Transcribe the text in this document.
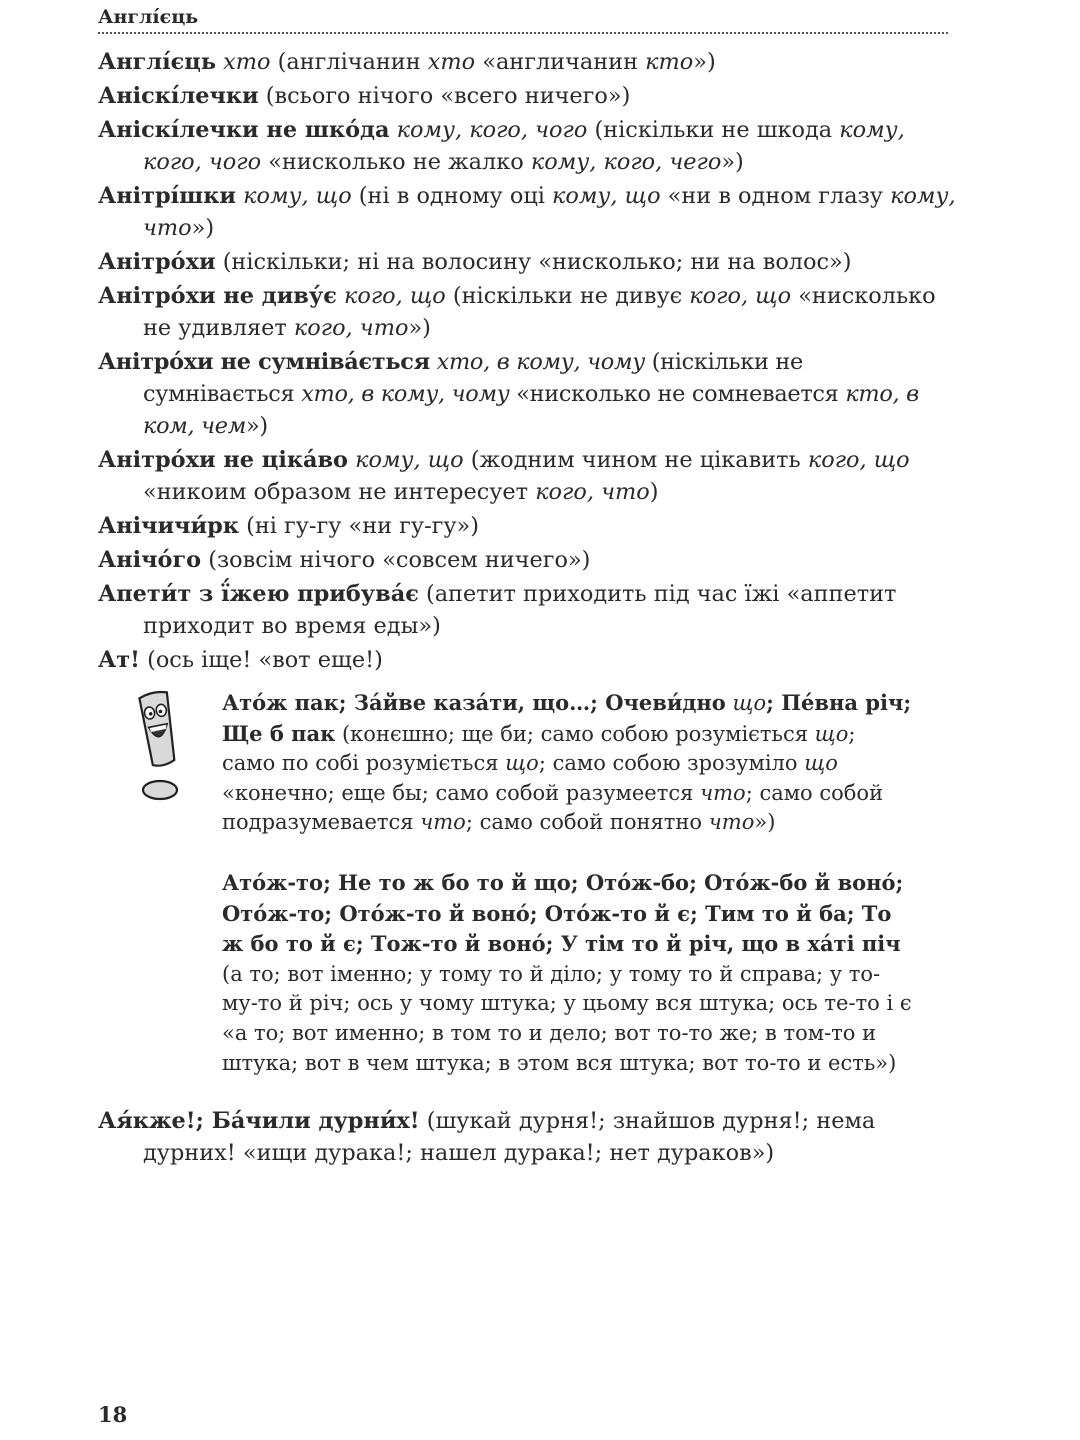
Англі́єць

Англі́єць хто (англічанин хто «англичанин кто»)

Аніскі́лечки (всього нічого «всего ничего»)

Аніскі́лечки не шко́да кому, кого, чого (нiскiльки не шкода кому, кого, чого «нисколько не жалко кому, кого, чего»)

Анітрі́шки кому, що (нi в одному оцi кому, що «ни в одном глазу кому, что»)

Анітро́хи (нiскiльки; нi на волосину «нисколько; ни на волос»)

Анітро́хи не диву́є кого, що (нiскiльки не дивує кого, що «нисколько не удивляет кого, что»)

Анітро́хи не сумніва́ється хто, в кому, чому (нiскiльки не сумнiвається хто, в кому, чому «нисколько не сомневается кто, в ком, чем»)

Анітро́хи не ціка́во кому, що (жодним чином не цiкавить кого, що «никоим образом не интересует кого, что)

Анічичи́рк (нi гу-гу «ни гу-гу»)

Анічо́го (зовсiм нiчого «совсем ничего»)

Апети́т з ї́жею прибува́є (апетит приходить пiд час їжi «аппетит приходит во время еды»)

Ат! (ось iще! «вот еще!)

Ато́ж пак; За́йве каза́ти, що…; Очеви́дно що; Пе́вна річ; Ще б пак (конєшно; ще би; само собою розумiється що; само по собi розумiється що; само собою зрозумiло що «конечно; еще бы; само собой разумеется что; само собой подразумевается что; само собой понятно что»)

Ато́ж-то; Не то ж бо то й що; Ото́ж-бо; Ото́ж-бо й воно́; Ото́ж-то; Ото́ж-то й воно́; Ото́ж-то й є; Тим то й ба; То ж бо то й є; Тож-то й воно́; У тім то й річ, що в ха́ті піч (а то; вот iменно; у тому то й дiло; у тому то й справа; у то-му-то й рiч; ось у чому штука; у цьому вся штука; ось те-то i є «а то; вот именно; в том то и дело; вот то-то же; в том-то и штука; вот в чем штука; в этом вся штука; вот то-то и есть»)

Ая́кже!; Ба́чили дурни́х! (шукай дурня!; знайшов дурня!; нема дурних! «ищи дурака!; нашел дурака!; нет дураков»)

18
